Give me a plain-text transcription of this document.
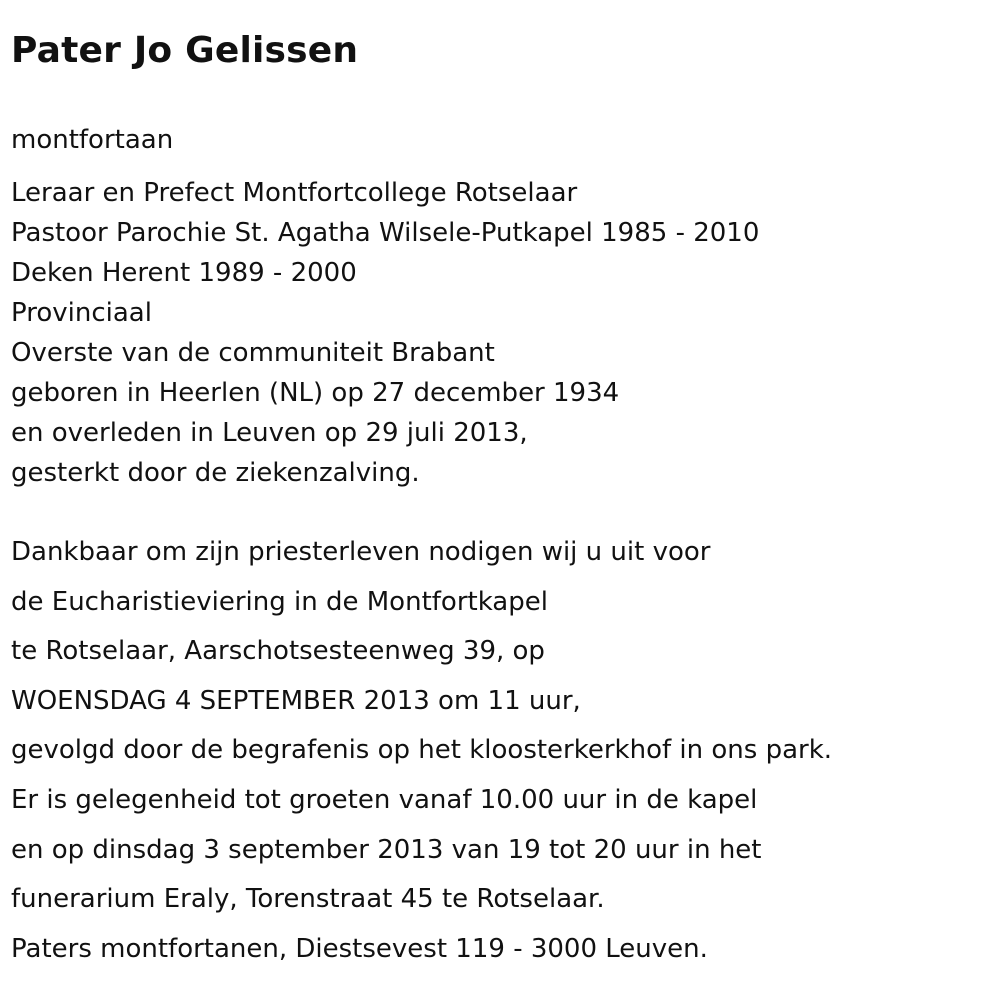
Pater Jo Gelissen
montfortaan
Leraar en Prefect Montfortcollege Rotselaar
Pastoor Parochie St. Agatha Wilsele-Putkapel 1985 - 2010
Deken Herent 1989 - 2000
Provinciaal
Overste van de communiteit Brabant
geboren in Heerlen (NL) op 27 december 1934
en overleden in Leuven op 29 juli 2013,
gesterkt door de ziekenzalving.
Dankbaar om zijn priesterleven nodigen wij u uit voor
de Eucharistieviering in de Montfortkapel
te Rotselaar, Aarschotsesteenweg 39, op
WOENSDAG 4 SEPTEMBER 2013 om 11 uur,
gevolgd door de begrafenis op het kloosterkerkhof in ons park.
Er is gelegenheid tot groeten vanaf 10.00 uur in de kapel
en op dinsdag 3 september 2013 van 19 tot 20 uur in het
funerarium Eraly, Torenstraat 45 te Rotselaar.
Paters montfortanen, Diestsevest 119 - 3000 Leuven.
